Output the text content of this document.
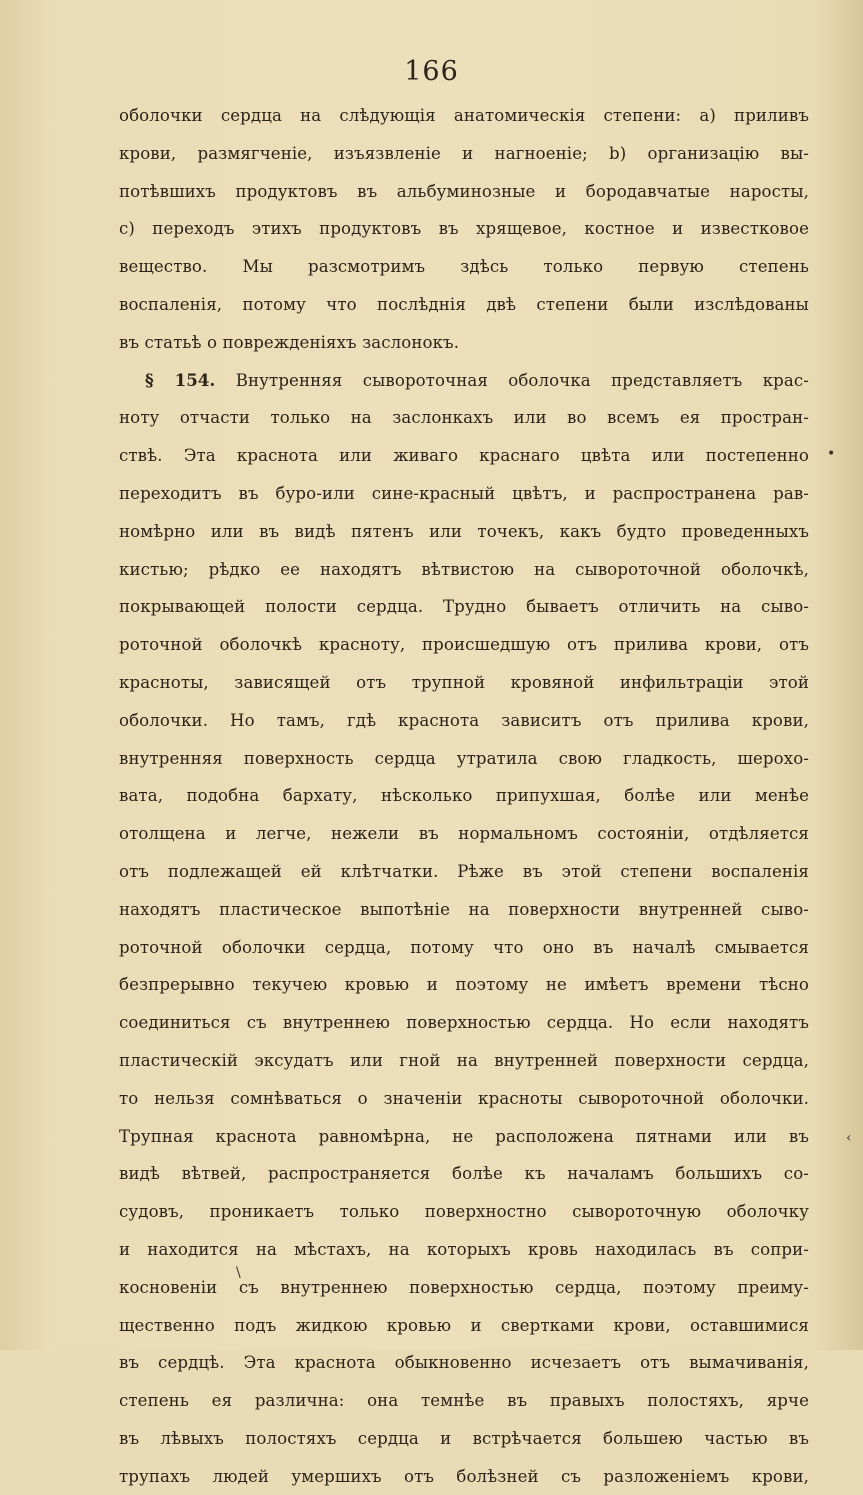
166
оболочки сердца на слѣдующія анатомическія степени: a) приливъ
крови, размягченіе, изъязвленіе и нагноеніе; b) организацію вы-
потѣвшихъ продуктовъ въ альбуминозные и бородавчатые наросты,
c) переходъ этихъ продуктовъ въ хрящевое, костное и известковое
вещество. Мы разсмотримъ здѣсь только первую степень
воспаленія, потому что послѣднія двѣ степени были изслѣдованы
въ статьѣ о поврежденіяхъ заслонокъ.
§ 154. Внутренняя сывороточная оболочка представляетъ крас-
ноту отчасти только на заслонкахъ или во всемъ ея простран-
ствѣ. Эта краснота или живаго краснаго цвѣта или постепенно
переходитъ въ буро-или сине-красный цвѣтъ, и распространена рав-
номѣрно или въ видѣ пятенъ или точекъ, какъ будто проведенныхъ
кистью; рѣдко ее находятъ вѣтвистою на сывороточной оболочкѣ,
покрывающей полости сердца. Трудно бываетъ отличить на сыво-
роточной оболочкѣ красноту, происшедшую отъ прилива крови, отъ
красноты, зависящей отъ трупной кровяной инфильтраціи этой
оболочки. Но тамъ, гдѣ краснота зависитъ отъ прилива крови,
внутренняя поверхность сердца утратила свою гладкость, шерохо-
вата, подобна бархату, нѣсколько припухшая, болѣе или менѣе
отолщена и легче, нежели въ нормальномъ состояніи, отдѣляется
отъ подлежащей ей клѣтчатки. Рѣже въ этой степени воспаленія
находятъ пластическое выпотѣніе на поверхности внутренней сыво-
роточной оболочки сердца, потому что оно въ началѣ смывается
безпрерывно текучею кровью и поэтому не имѣетъ времени тѣсно
соединиться съ внутреннею поверхностью сердца. Но если находятъ
пластическій эксудатъ или гной на внутренней поверхности сердца,
то нельзя сомнѣваться о значеніи красноты сывороточной оболочки.
Трупная краснота равномѣрна, не расположена пятнами или въ
видѣ вѣтвей, распространяется болѣе къ началамъ большихъ со-
судовъ, проникаетъ только поверхностно сывороточную оболочку
и находится на мѣстахъ, на которыхъ кровь находилась въ сопри-
косновеніи съ внутреннею поверхностью сердца, поэтому преиму-
щественно подъ жидкою кровью и свертками крови, оставшимися
въ сердцѣ. Эта краснота обыкновенно исчезаетъ отъ вымачиванія,
степень ея различна: она темнѣе въ правыхъ полостяхъ, ярче
въ лѣвыхъ полостяхъ сердца и встрѣчается большею частью въ
трупахъ людей умершихъ отъ болѣзней съ разложеніемъ крови,
•
‹
\
